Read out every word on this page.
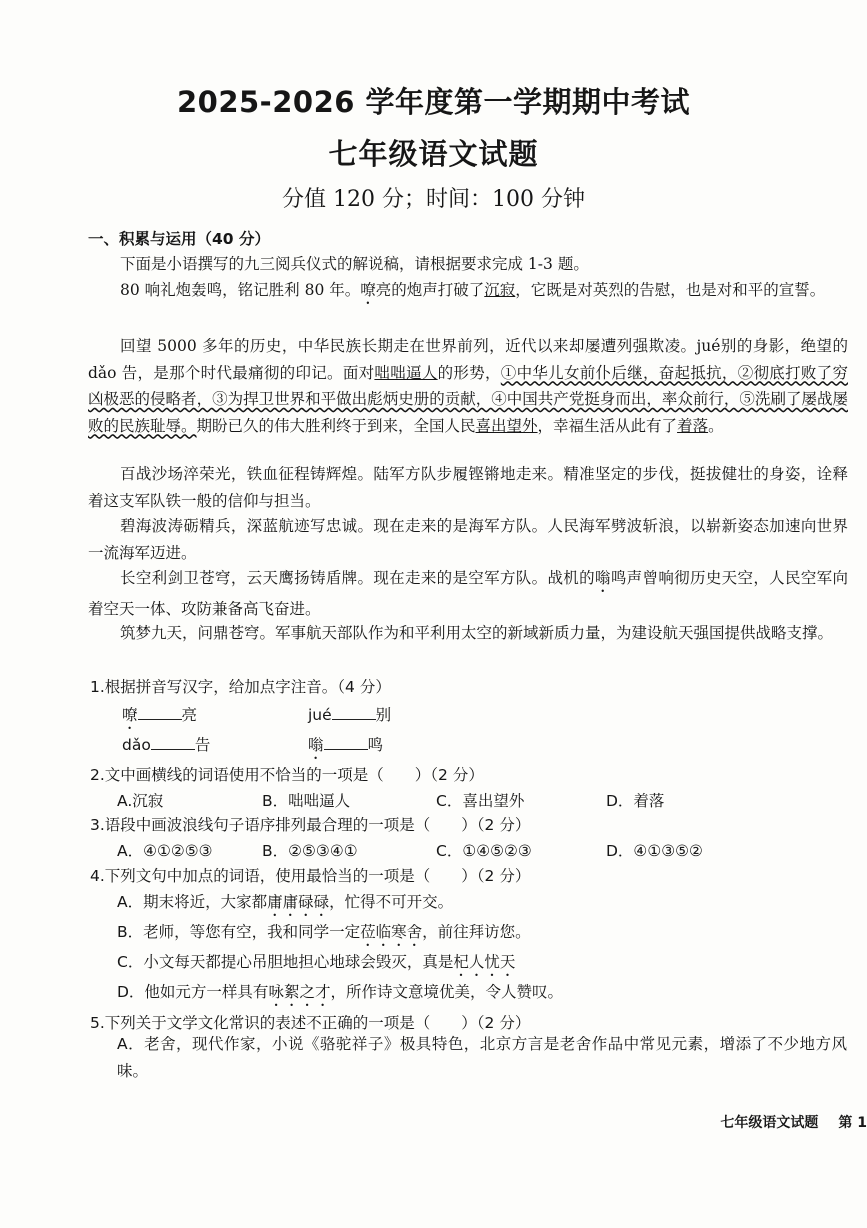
2025-2026 学年度第一学期期中考试
七年级语文试题
分值 120 分；时间：100 分钟
一、积累与运用（40 分）
下面是小语撰写的九三阅兵仪式的解说稿，请根据要求完成 1-3 题。
80 响礼炮轰鸣，铭记胜利 80 年。嘹亮的炮声打破了沉寂，它既是对英烈的告慰，也是对和平的宣誓。
回望 5000 多年的历史，中华民族长期走在世界前列，近代以来却屡遭列强欺凌。jué别的身影，绝望的 dǎo 告，是那个时代最痛彻的印记。面对咄咄逼人的形势，①中华儿女前仆后继，奋起抵抗，②彻底打败了穷凶极恶的侵略者，③为捍卫世界和平做出彪炳史册的贡献，④中国共产党挺身而出，率众前行，⑤洗刷了屡战屡败的民族耻辱。期盼已久的伟大胜利终于到来，全国人民喜出望外，幸福生活从此有了着落。
百战沙场淬荣光，铁血征程铸辉煌。陆军方队步履铿锵地走来。精准坚定的步伐，挺拔健壮的身姿，诠释着这支军队铁一般的信仰与担当。
碧海波涛砺精兵，深蓝航迹写忠诚。现在走来的是海军方队。人民海军劈波斩浪，以崭新姿态加速向世界一流海军迈进。
长空利剑卫苍穹，云天鹰扬铸盾牌。现在走来的是空军方队。战机的嗡鸣声曾响彻历史天空，人民空军向着空天一体、攻防兼备高飞奋进。
筑梦九天，问鼎苍穹。军事航天部队作为和平利用太空的新域新质力量，为建设航天强国提供战略支撑。
1.根据拼音写汉字，给加点字注音。（4 分）
嘹	亮	jué	别
dǎo	告	嗡	鸣
2.文中画横线的词语使用不恰当的一项是（　　）（2 分）
A.沉寂	B．咄咄逼人	C．喜出望外	D．着落
3.语段中画波浪线句子语序排列最合理的一项是（　　）（2 分）
A．④①②⑤③	B．②⑤③④①	C．①④⑤②③	D．④①③⑤②
4.下列文句中加点的词语，使用最恰当的一项是（　　）（2 分）
A．期末将近，大家都庸庸碌碌，忙得不可开交。
B．老师，等您有空，我和同学一定莅临寒舍，前往拜访您。
C．小文每天都提心吊胆地担心地球会毁灭，真是杞人忧天
D．他如元方一样具有咏絮之才，所作诗文意境优美，令人赞叹。
5.下列关于文学文化常识的表述不正确的一项是（　　）（2 分）
A．老舍，现代作家，小说《骆驼祥子》极具特色，北京方言是老舍作品中常见元素，增添了不少地方风味。
七年级语文试题 第 1
